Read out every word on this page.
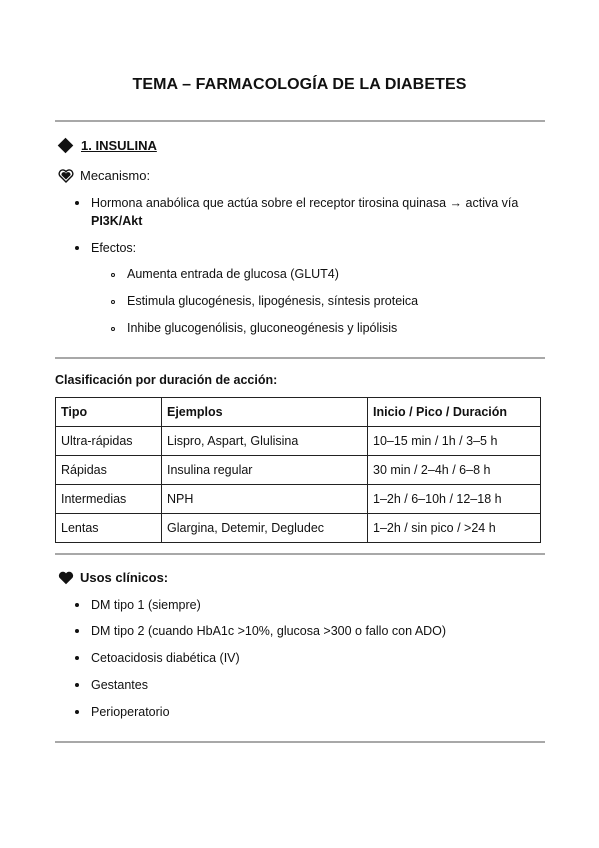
TEMA – FARMACOLOGÍA DE LA DIABETES
1. INSULINA
Mecanismo:
Hormona anabólica que actúa sobre el receptor tirosina quinasa → activa vía
PI3K/Akt
Efectos:
Aumenta entrada de glucosa (GLUT4)
Estimula glucogénesis, lipogénesis, síntesis proteica
Inhibe glucogenólisis, gluconeogénesis y lipólisis
Clasificación por duración de acción:
Tipo	Ejemplos	Inicio / Pico / Duración
Ultra-rápidas	Lispro, Aspart, Glulisina	10–15 min / 1h / 3–5 h
Rápidas	Insulina regular	30 min / 2–4h / 6–8 h
Intermedias	NPH	1–2h / 6–10h / 12–18 h
Lentas	Glargina, Detemir, Degludec	1–2h / sin pico / >24 h
Usos clínicos:
DM tipo 1 (siempre)
DM tipo 2 (cuando HbA1c >10%, glucosa >300 o fallo con ADO)
Cetoacidosis diabética (IV)
Gestantes
Perioperatorio
